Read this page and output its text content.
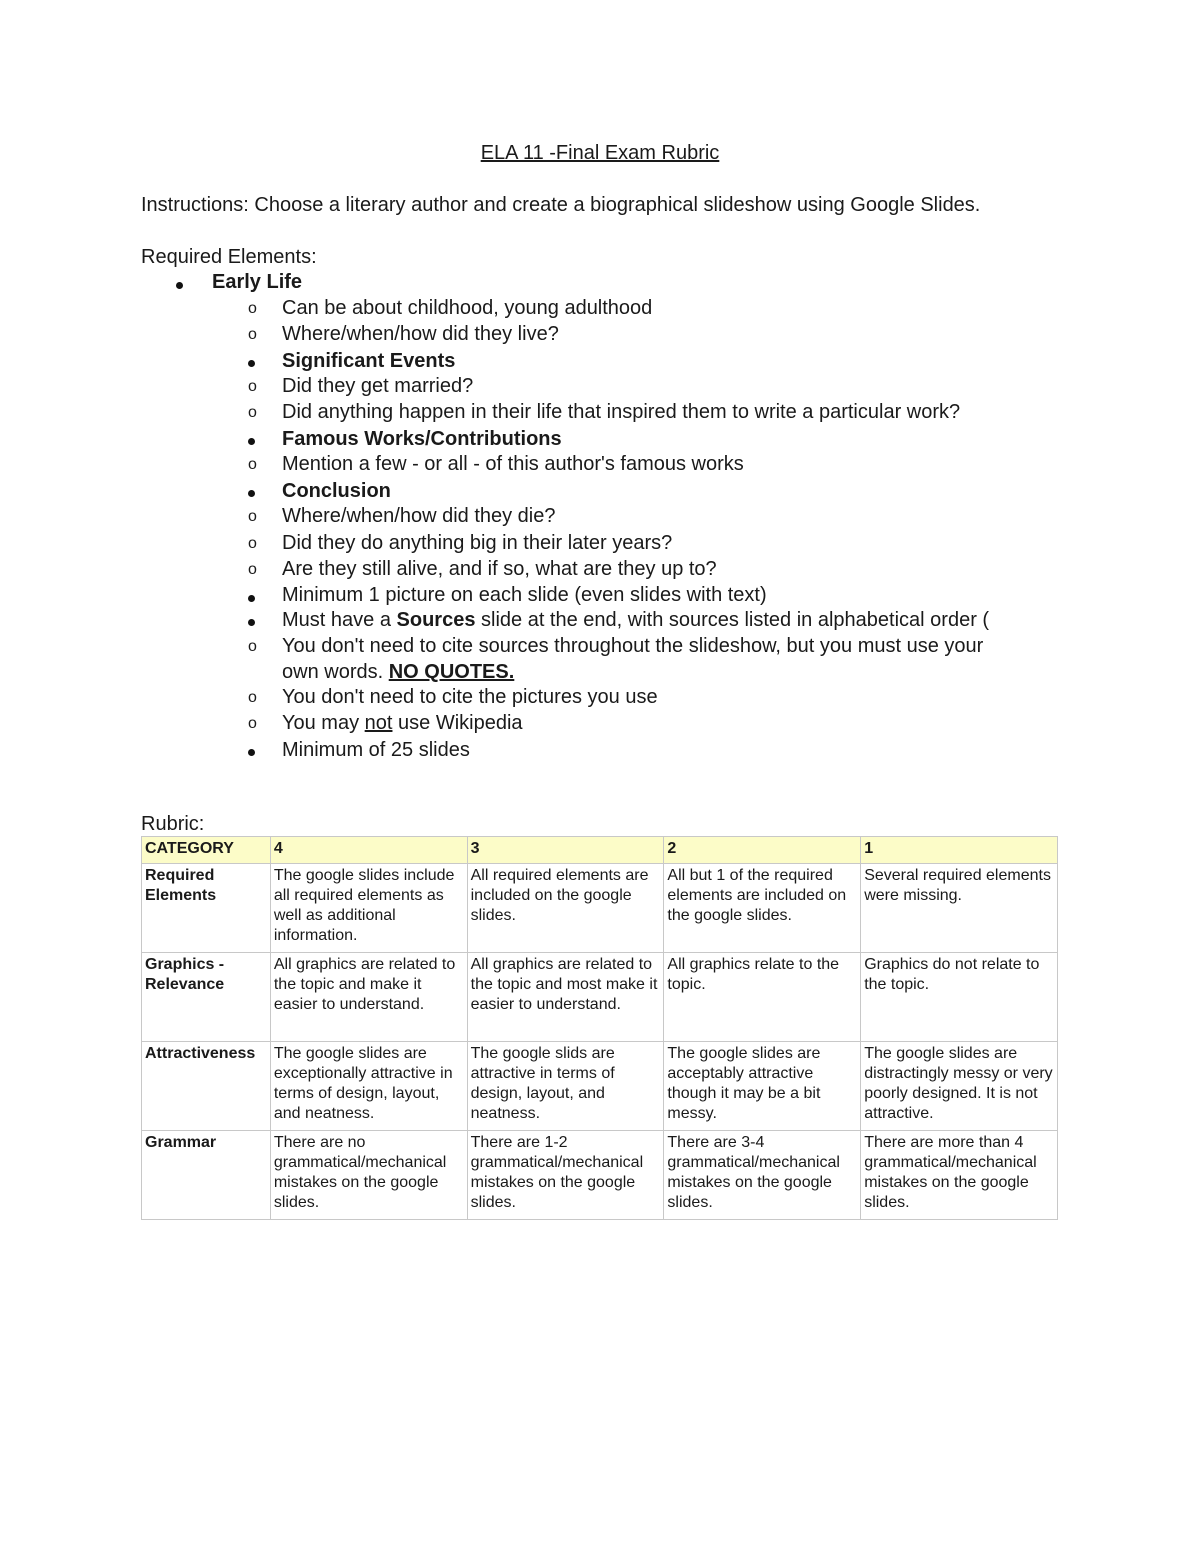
ELA 11 -Final Exam Rubric
Instructions: Choose a literary author and create a biographical slideshow using Google Slides.
Required Elements:
Early Life
o Can be about childhood, young adulthood
o Where/when/how did they live?
Significant Events
o Did they get married?
o Did anything happen in their life that inspired them to write a particular work?
Famous Works/Contributions
o Mention a few - or all - of this author's famous works
Conclusion
o Where/when/how did they die?
o Did they do anything big in their later years?
o Are they still alive, and if so, what are they up to?
Minimum 1 picture on each slide (even slides with text)
Must have a Sources slide at the end, with sources listed in alphabetical order (
o You don't need to cite sources throughout the slideshow, but you must use your
own words. NO QUOTES.
o You don't need to cite the pictures you use
o You may not use Wikipedia
Minimum of 25 slides
Rubric:
CATEGORY	4	3	2	1
Required Elements	The google slides include all required elements as well as additional information.	All required elements are included on the google slides.	All but 1 of the required elements are included on the google slides.	Several required elements were missing.
Graphics - Relevance	All graphics are related to the topic and make it easier to understand.	All graphics are related to the topic and most make it easier to understand.	All graphics relate to the topic.	Graphics do not relate to the topic.
Attractiveness	The google slides are exceptionally attractive in terms of design, layout, and neatness.	The google slids are attractive in terms of design, layout, and neatness.	The google slides are acceptably attractive though it may be a bit messy.	The google slides are distractingly messy or very poorly designed. It is not attractive.
Grammar	There are no grammatical/mechanical mistakes on the google slides.	There are 1-2 grammatical/mechanical mistakes on the google slides.	There are 3-4 grammatical/mechanical mistakes on the google slides.	There are more than 4 grammatical/mechanical mistakes on the google slides.
